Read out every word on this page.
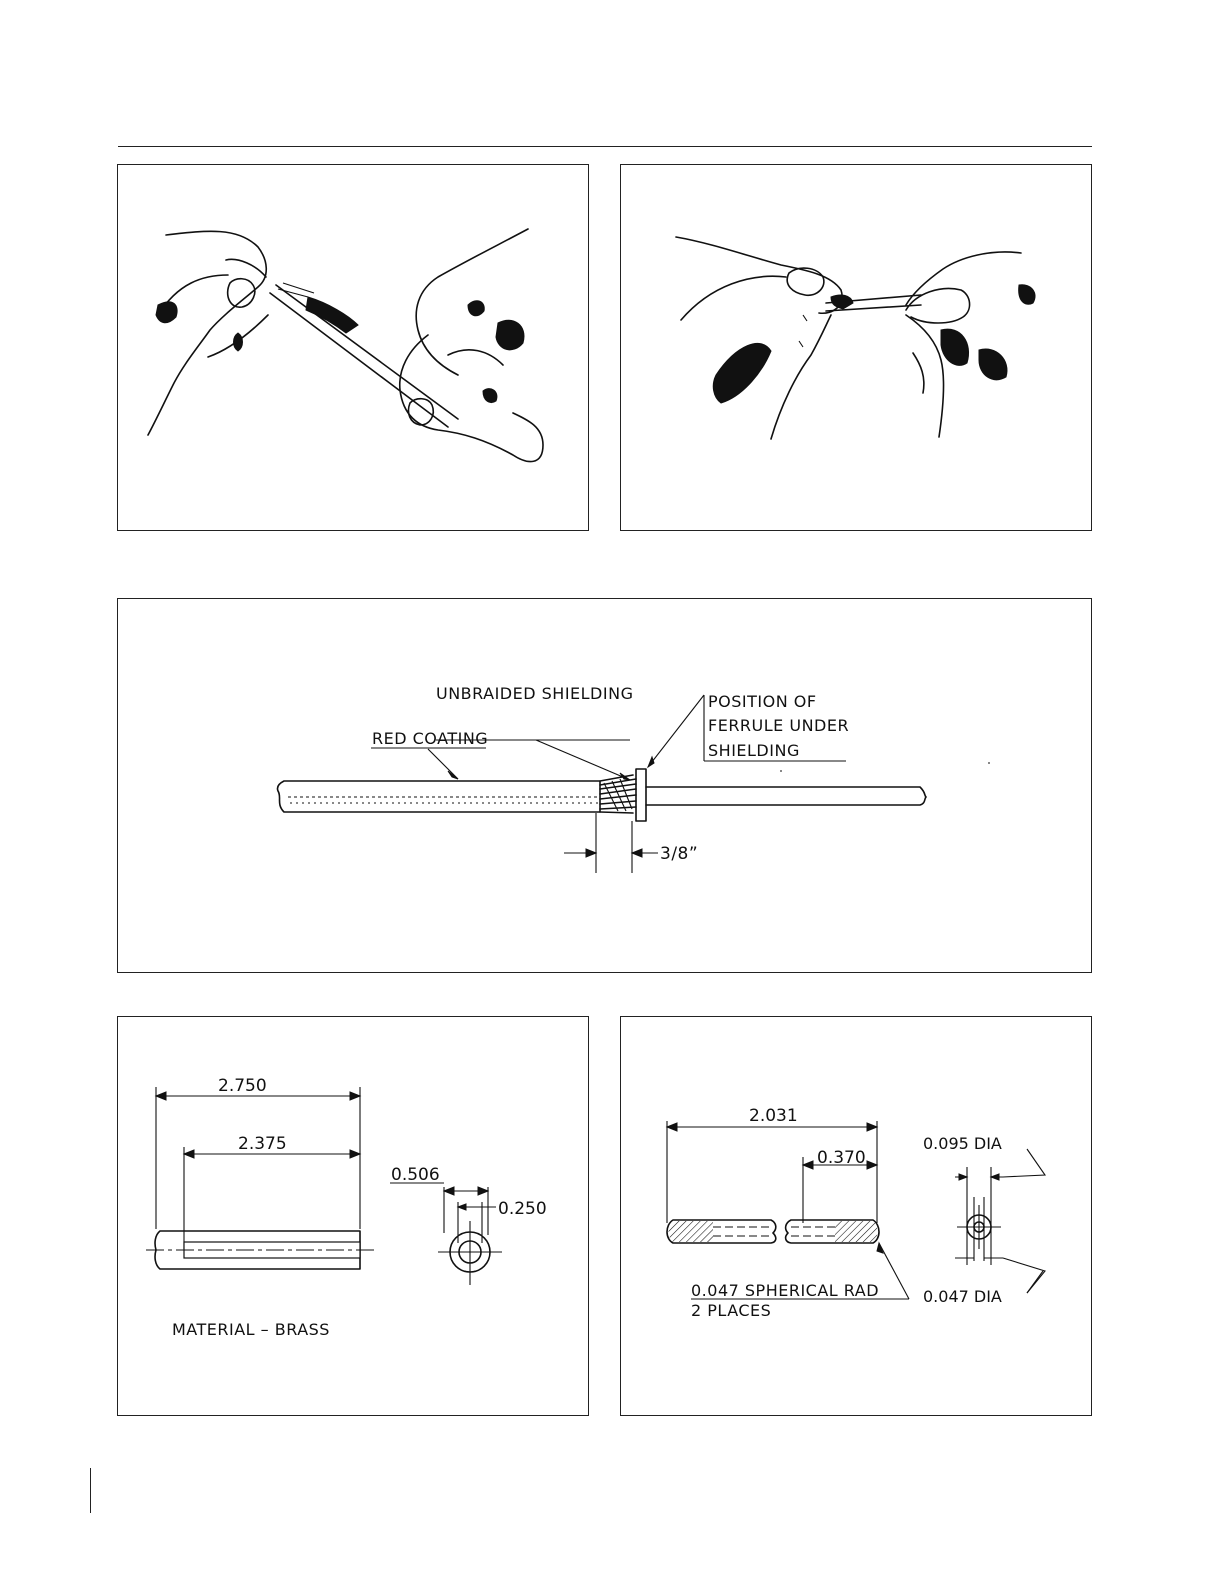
UNBRAIDED SHIELDING	POSITION OF
FERRULE UNDER
SHIELDING
RED COATING
3/8”
2.750
2.375
0.506
0.250
MATERIAL – BRASS
2.031
0.370
0.095 DIA
0.047 DIA
0.047 SPHERICAL RAD
2 PLACES
